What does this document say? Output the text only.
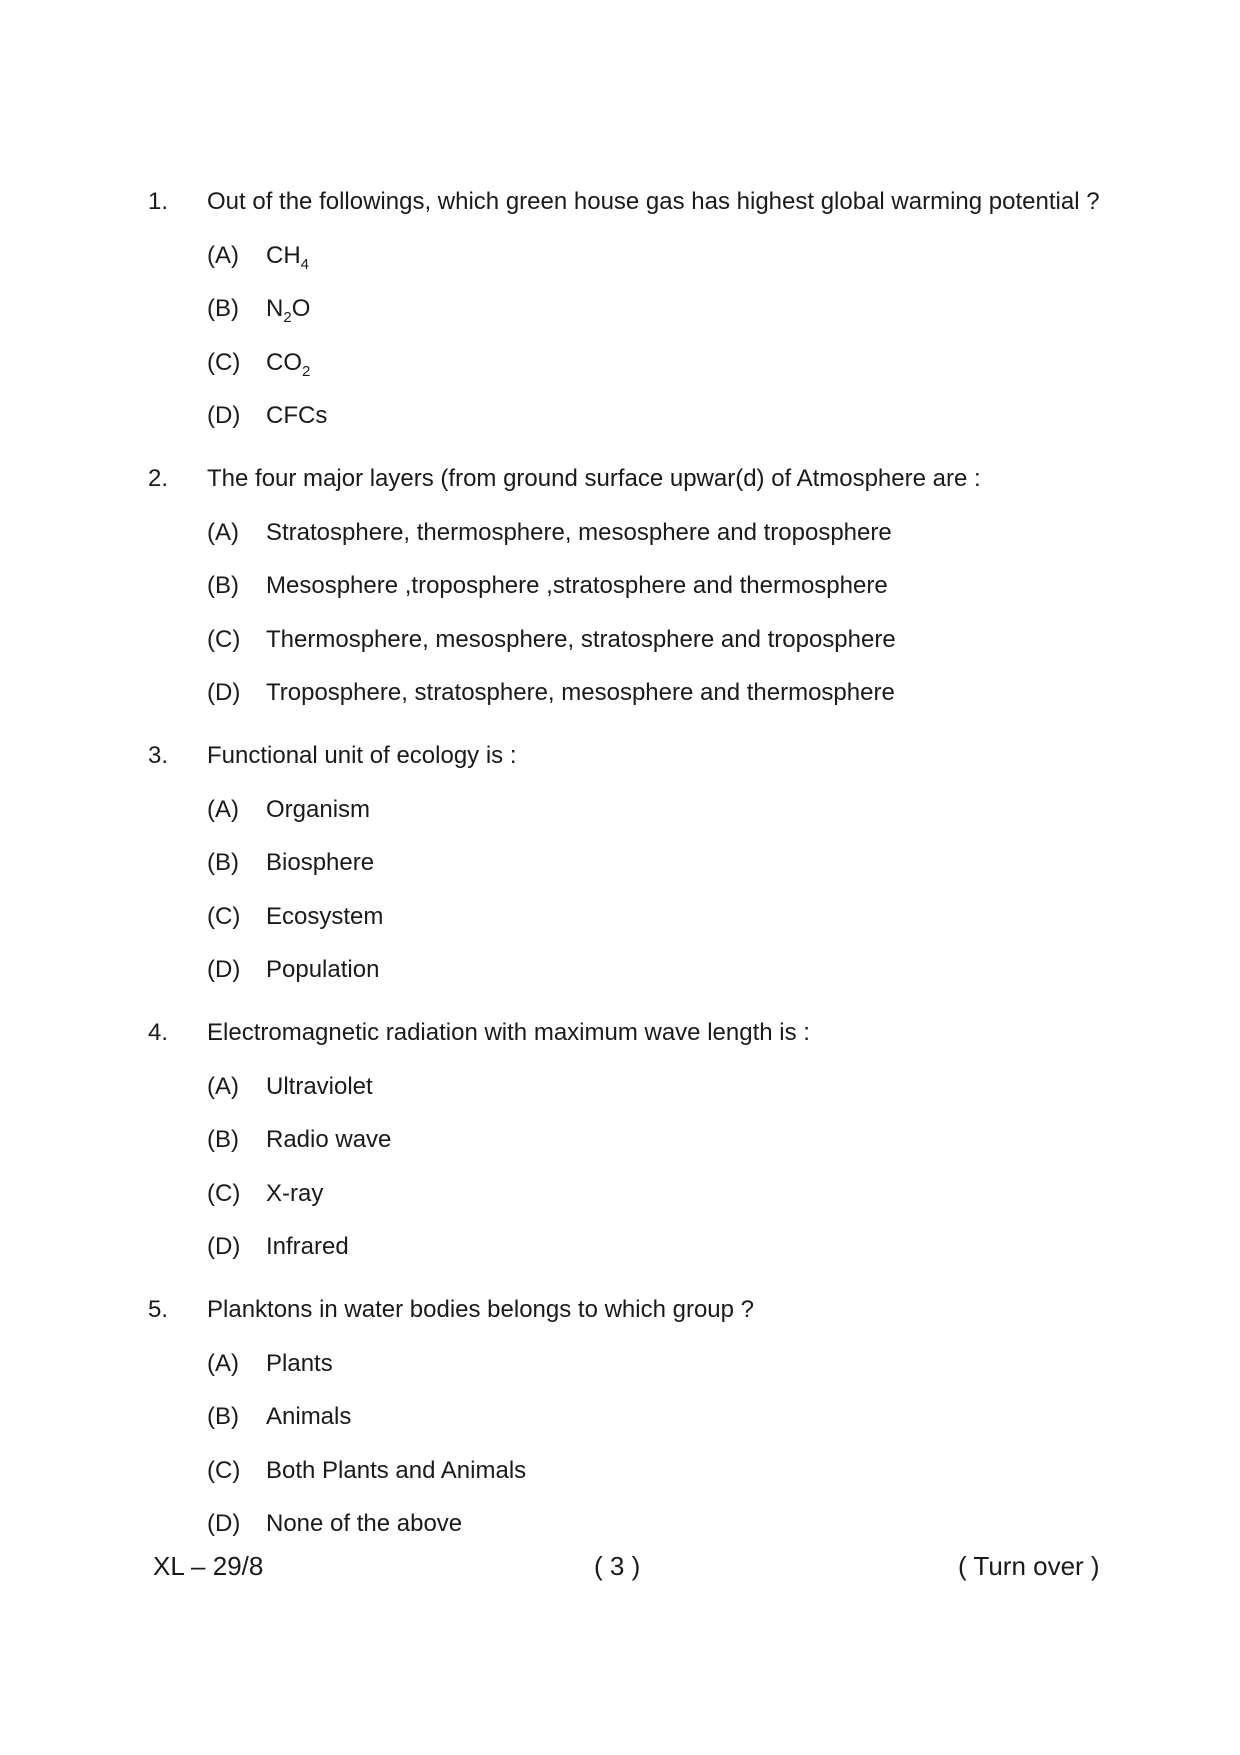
1. Out of the followings, which green house gas has highest global warming potential ?
(A) $CH_4$
(B) $N_2O$
(C) $CO_2$
(D) CFCs
2. The four major layers (from ground surface upwar(d) of Atmosphere are :
(A) Stratosphere, thermosphere, mesosphere and troposphere
(B) Mesosphere ,troposphere ,stratosphere and thermosphere
(C) Thermosphere, mesosphere, stratosphere and troposphere
(D) Troposphere, stratosphere, mesosphere and thermosphere
3. Functional unit of ecology is :
(A) Organism
(B) Biosphere
(C) Ecosystem
(D) Population
4. Electromagnetic radiation with maximum wave length is :
(A) Ultraviolet
(B) Radio wave
(C) X-ray
(D) Infrared
5. Planktons in water bodies belongs to which group ?
(A) Plants
(B) Animals
(C) Both Plants and Animals
(D) None of the above
XL – 29/8	( 3 )	( Turn over )
